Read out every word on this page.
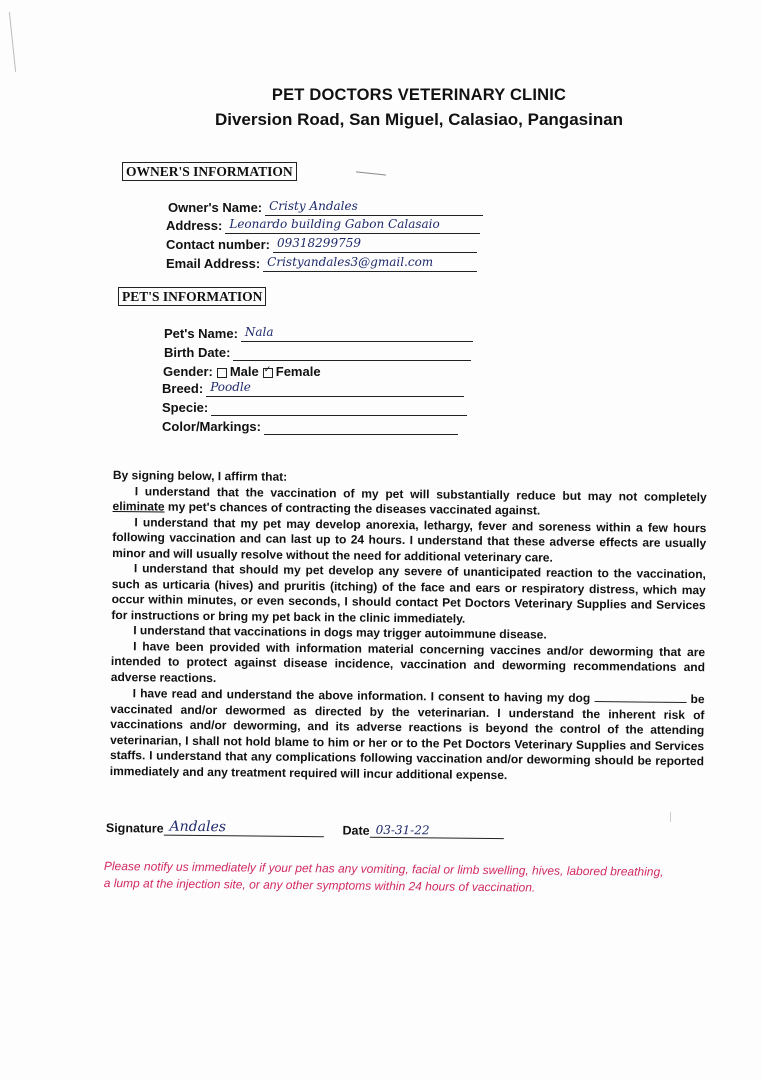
PET DOCTORS VETERINARY CLINIC
Diversion Road, San Miguel, Calasiao, Pangasinan
OWNER'S INFORMATION
Owner's Name: Cristy Andales
Address: Leonardo building Gabon Calasaio
Contact number: 09318299759
Email Address: Cristyandales3@gmail.com
PET'S INFORMATION
Pet's Name: Nala
Birth Date:
Gender: Male✓ Female
Breed: Poodle
Specie:
Color/Markings:

By signing below, I affirm that:

I understand that the vaccination of my pet will substantially reduce but may not completely eliminate my pet's chances of contracting the diseases vaccinated against.

I understand that my pet may develop anorexia, lethargy, fever and soreness within a few hours following vaccination and can last up to 24 hours. I understand that these adverse effects are usually minor and will usually resolve without the need for additional veterinary care.

I understand that should my pet develop any severe of unanticipated reaction to the vaccination, such as urticaria (hives) and pruritis (itching) of the face and ears or respiratory distress, which may occur within minutes, or even seconds, I should contact Pet Doctors Veterinary Supplies and Services for instructions or bring my pet back in the clinic immediately.

I understand that vaccinations in dogs may trigger autoimmune disease.

I have been provided with information material concerning vaccines and/or deworming that are intended to protect against disease incidence, vaccination and deworming recommendations and adverse reactions.

I have read and understand the above information. I consent to having my dog	be vaccinated and/or dewormed as directed by the veterinarian. I understand the inherent risk of vaccinations and/or deworming, and its adverse reactions is beyond the control of the attending veterinarian, I shall not hold blame to him or her or to the Pet Doctors Veterinary Supplies and Services staffs. I understand that any complications following vaccination and/or deworming should be reported immediately and any treatment required will incur additional expense.

Signature Andales	Date 03-31-22
Please notify us immediately if your pet has any vomiting, facial or limb swelling, hives, labored breathing, a lump at the injection site, or any other symptoms within 24 hours of vaccination.
